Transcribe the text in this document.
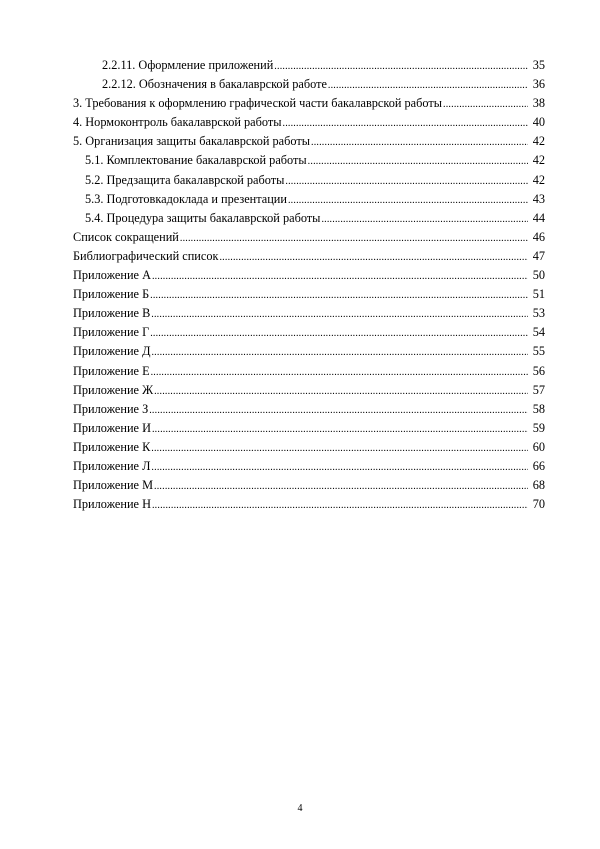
2.2.11. Оформление приложений .....	35
2.2.12. Обозначения в бакалаврской работе .....	36
3. Требования к оформлению графической части бакалаврской работы .....	38
4. Нормоконтроль бакалаврской работы .....	40
5. Организация защиты бакалаврской работы .....	42
5.1. Комплектование бакалаврской работы .....	42
5.2. Предзащита бакалаврской работы .....	42
5.3. Подготовкадоклада и презентации .....	43
5.4. Процедура защиты бакалаврской работы .....	44
Список сокращений .....	46
Библиографический список .....	47
Приложение А .....	50
Приложение Б .....	51
Приложение В .....	53
Приложение Г .....	54
Приложение Д .....	55
Приложение Е .....	56
Приложение Ж .....	57
Приложение З .....	58
Приложение И .....	59
Приложение К .....	60
Приложение Л .....	66
Приложение М .....	68
Приложение Н .....	70
4
